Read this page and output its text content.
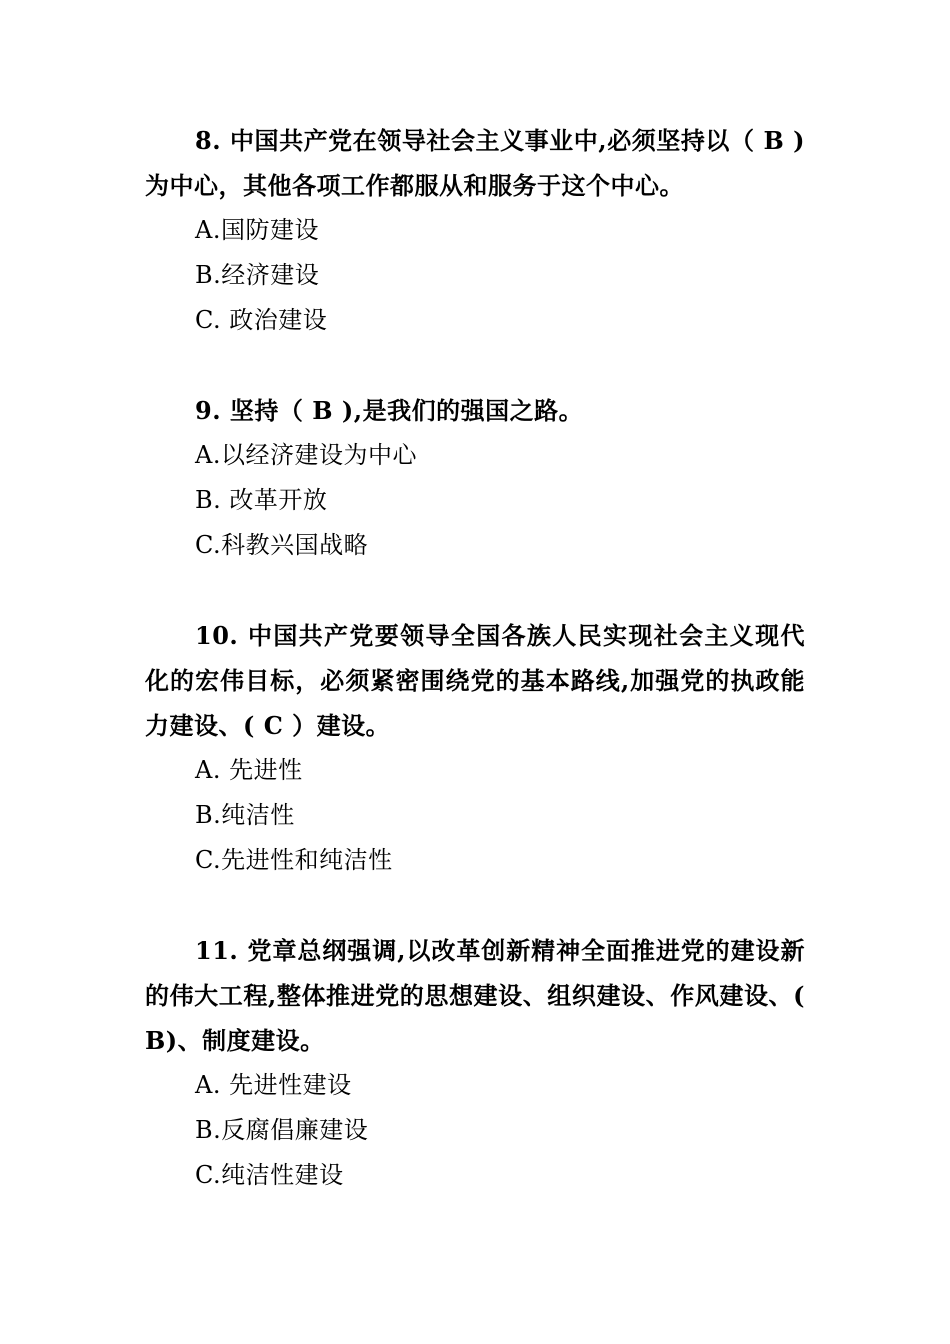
8. 中国共产党在领导社会主义事业中,必须坚持以（ B )为中心，其他各项工作都服从和服务于这个中心。

A.国防建设

B.经济建设

C. 政治建设

9. 坚持（ B ),是我们的强国之路。

A.以经济建设为中心

B. 改革开放

C.科教兴国战略

10. 中国共产党要领导全国各族人民实现社会主义现代化的宏伟目标，必须紧密围绕党的基本路线,加强党的执政能力建设、( C ）建设。

A. 先进性

B.纯洁性

C.先进性和纯洁性

11. 党章总纲强调,以改革创新精神全面推进党的建设新的伟大工程,整体推进党的思想建设、组织建设、作风建设、( B)、制度建设。

A. 先进性建设

B.反腐倡廉建设

C.纯洁性建设
